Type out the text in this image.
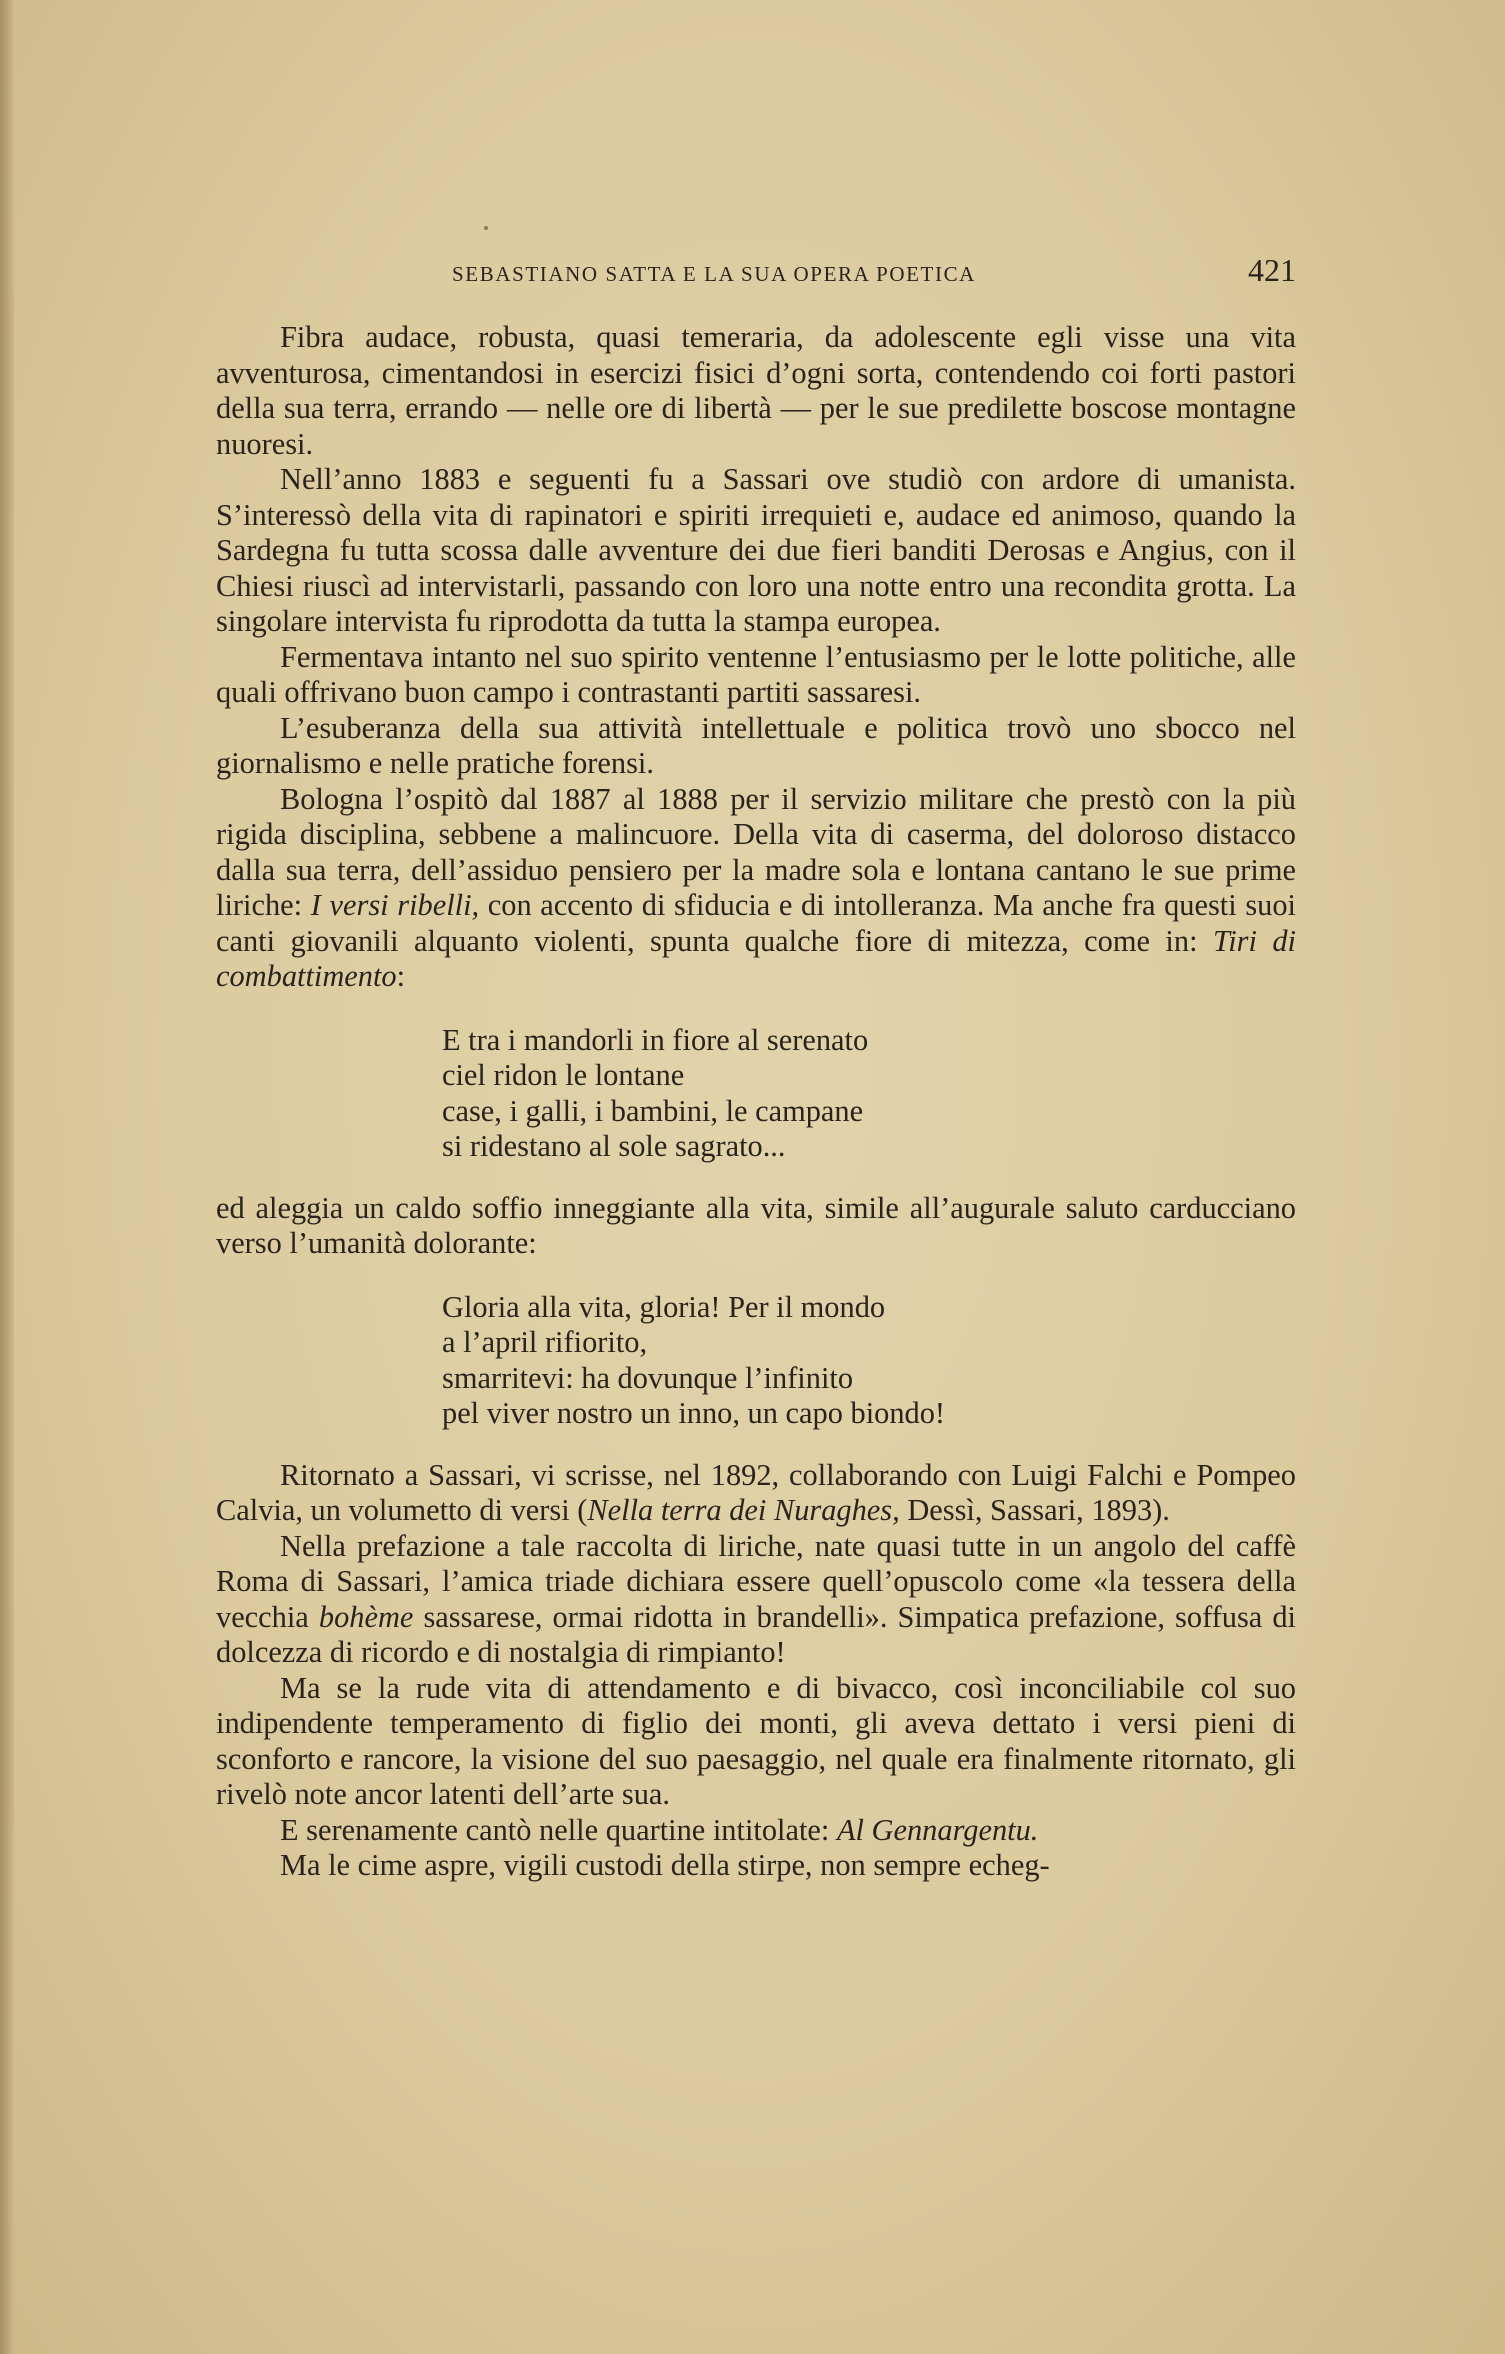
SEBASTIANO SATTA E LA SUA OPERA POETICA	421

Fibra audace, robusta, quasi temeraria, da adolescente egli visse una vita avventurosa, cimentandosi in esercizi fisici d’ogni sorta, contendendo coi forti pastori della sua terra, errando — nelle ore di libertà — per le sue predilette boscose montagne nuoresi.

Nell’anno 1883 e seguenti fu a Sassari ove studiò con ardore di umanista. S’interessò della vita di rapinatori e spiriti irrequieti e, audace ed animoso, quando la Sardegna fu tutta scossa dalle avventure dei due fieri banditi Derosas e Angius, con il Chiesi riuscì ad intervistarli, passando con loro una notte entro una recondita grotta. La singolare intervista fu riprodotta da tutta la stampa europea.

Fermentava intanto nel suo spirito ventenne l’entusiasmo per le lotte politiche, alle quali offrivano buon campo i contrastanti partiti sassaresi.

L’esuberanza della sua attività intellettuale e politica trovò uno sbocco nel giornalismo e nelle pratiche forensi.

Bologna l’ospitò dal 1887 al 1888 per il servizio militare che prestò con la più rigida disciplina, sebbene a malincuore. Della vita di caserma, del doloroso distacco dalla sua terra, dell’assiduo pensiero per la madre sola e lontana cantano le sue prime liriche: I versi ribelli, con accento di sfiducia e di intolleranza. Ma anche fra questi suoi canti giovanili alquanto violenti, spunta qualche fiore di mitezza, come in: Tiri di combattimento:

E tra i mandorli in fiore al serenato
ciel ridon le lontane
case, i galli, i bambini, le campane
si ridestano al sole sagrato...

ed aleggia un caldo soffio inneggiante alla vita, simile all’augurale saluto carducciano verso l’umanità dolorante:

Gloria alla vita, gloria! Per il mondo
a l’april rifiorito,
smarritevi: ha dovunque l’infinito
pel viver nostro un inno, un capo biondo!

Ritornato a Sassari, vi scrisse, nel 1892, collaborando con Luigi Falchi e Pompeo Calvia, un volumetto di versi (Nella terra dei Nuraghes, Dessì, Sassari, 1893).

Nella prefazione a tale raccolta di liriche, nate quasi tutte in un angolo del caffè Roma di Sassari, l’amica triade dichiara essere quell’opuscolo come «la tessera della vecchia bohème sassarese, ormai ridotta in brandelli». Simpatica prefazione, soffusa di dolcezza di ricordo e di nostalgia di rimpianto!

Ma se la rude vita di attendamento e di bivacco, così inconciliabile col suo indipendente temperamento di figlio dei monti, gli aveva dettato i versi pieni di sconforto e rancore, la visione del suo paesaggio, nel quale era finalmente ritornato, gli rivelò note ancor latenti dell’arte sua.

E serenamente cantò nelle quartine intitolate: Al Gennargentu.

Ma le cime aspre, vigili custodi della stirpe, non sempre echeg-
